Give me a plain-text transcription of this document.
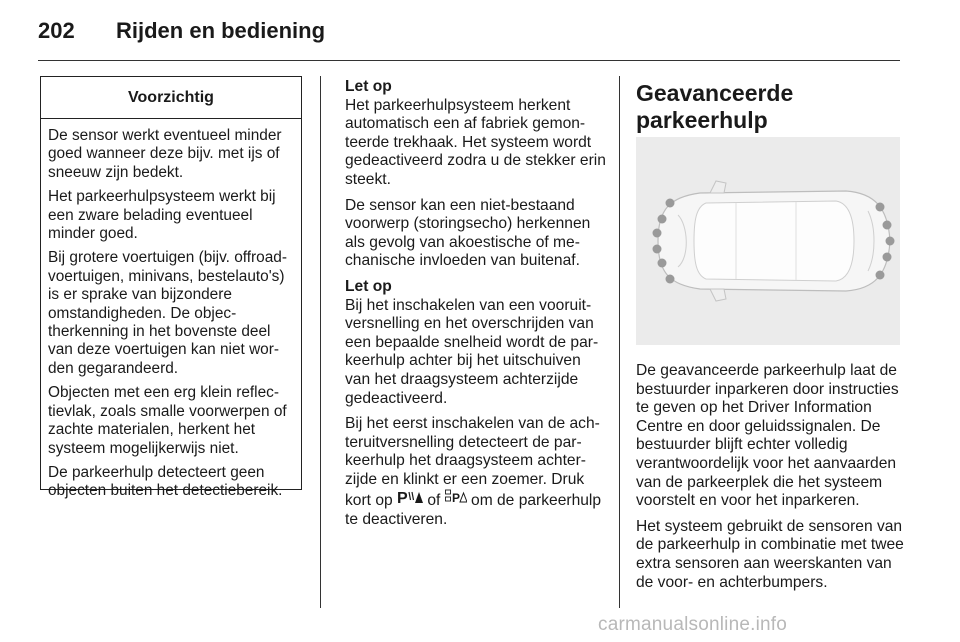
202 Rijden en bediening
Voorzichtig

De sensor werkt eventueel minder goed wanneer deze bijv. met ijs of sneeuw zijn bedekt.

Het parkeerhulpsysteem werkt bij een zware belading eventueel minder goed.

Bij grotere voertuigen (bijv. offroad-voertuigen, minivans, bestelauto's) is er sprake van bijzondere omstandigheden. De objectherkenning in het bovenste deel van deze voertuigen kan niet worden gegarandeerd.

Objecten met een erg klein reflectievlak, zoals smalle voorwerpen of zachte materialen, herkent het systeem mogelijkerwijs niet.

De parkeerhulp detecteert geen objecten buiten het detectiebereik.

Let op

Het parkeerhulpsysteem herkent automatisch een af fabriek gemonteerde trekhaak. Het systeem wordt gedeactiveerd zodra u de stekker erin steekt.

De sensor kan een niet-bestaand voorwerp (storingsecho) herkennen als gevolg van akoestische of mechanische invloeden van buitenaf.

Let op

Bij het inschakelen van een vooruitversnelling en het overschrijden van een bepaalde snelheid wordt de parkeerhulp achter bij het uitschuiven van het draagsysteem achterzijde gedeactiveerd.

Bij het eerst inschakelen van de achteruitversnelling detecteert de parkeerhulp het draagsysteem achterzijde en klinkt er een zoemer. Druk kort op P of P om de parkeerhulp te deactiveren.

Geavanceerde parkeerhulp

De geavanceerde parkeerhulp laat de bestuurder inparkeren door instructies te geven op het Driver Information Centre en door geluidssignalen. De bestuurder blijft echter volledig verantwoordelijk voor het aanvaarden van de parkeerplek die het systeem voorstelt en voor het inparkeren.

Het systeem gebruikt de sensoren van de parkeerhulp in combinatie met twee extra sensoren aan weerskanten van de voor- en achterbumpers.

carmanualsonline.info
